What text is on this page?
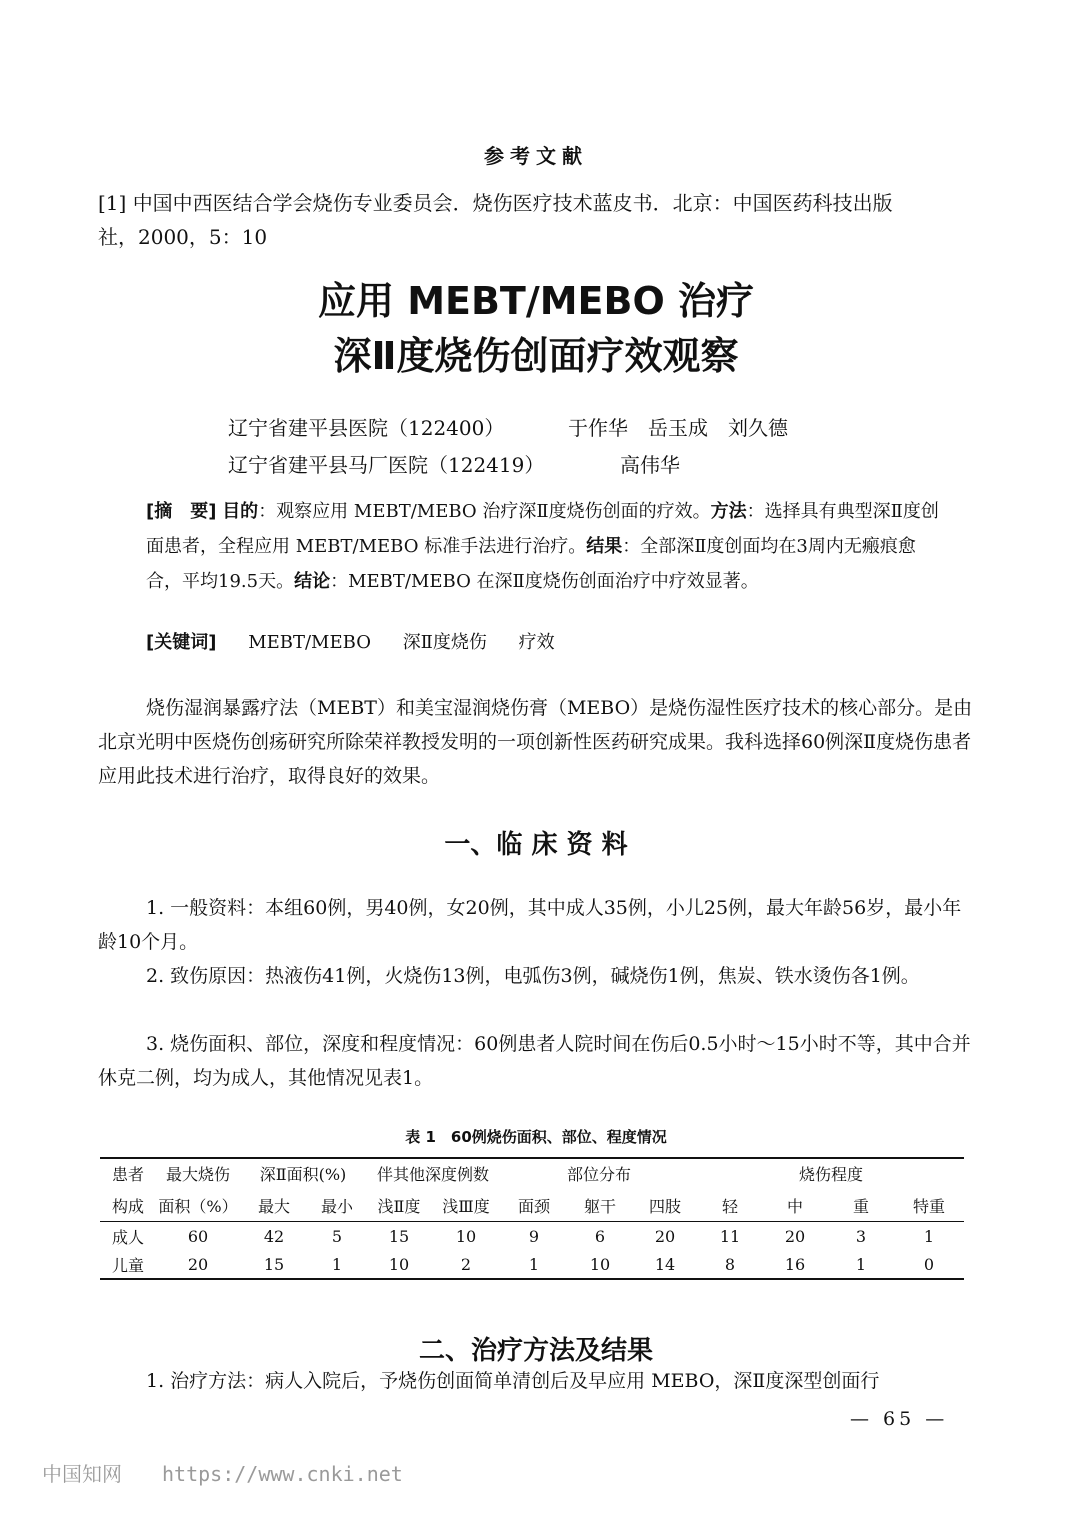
参考文献
[1] 中国中西医结合学会烧伤专业委员会．烧伤医疗技术蓝皮书．北京：中国医药科技出版
社，2000，5：10
应用 MEBT/MEBO 治疗
深Ⅱ度烧伤创面疗效观察
辽宁省建平县医院（122400）	于作华　岳玉成　刘久德
辽宁省建平县马厂医院（122419）	高伟华
[摘　要] 目的：观察应用 MEBT/MEBO 治疗深Ⅱ度烧伤创面的疗效。方法：选择具有典型深Ⅱ度创面患者，全程应用 MEBT/MEBO 标准手法进行治疗。结果：全部深Ⅱ度创面均在3周内无瘢痕愈合，平均19.5天。结论：MEBT/MEBO 在深Ⅱ度烧伤创面治疗中疗效显著。
[关键词] MEBT/MEBO 深Ⅱ度烧伤 疗效
烧伤湿润暴露疗法（MEBT）和美宝湿润烧伤膏（MEBO）是烧伤湿性医疗技术的核心部分。是由北京光明中医烧伤创疡研究所除荣祥教授发明的一项创新性医药研究成果。我科选择60例深Ⅱ度烧伤患者应用此技术进行治疗，取得良好的效果。
一、临 床 资 料
1. 一般资料：本组60例，男40例，女20例，其中成人35例，小儿25例，最大年龄56岁，最小年龄10个月。
2. 致伤原因：热液伤41例，火烧伤13例，电弧伤3例，碱烧伤1例，焦炭、铁水烫伤各1例。
3. 烧伤面积、部位，深度和程度情况：60例患者人院时间在伤后0.5小时～15小时不等，其中合并休克二例，均为成人，其他情况见表1。
表 1　60例烧伤面积、部位、程度情况
患者	最大烧伤	深Ⅱ面积(%)		伴其他深度例数		部位分布			烧伤程度			
构成	面积（%）	最大	最小	浅Ⅱ度	浅Ⅲ度	面颈	躯干	四肢	轻	中	重	特重
成人	60	42	5	15	10	9	6	20	11	20	3	1
儿童	20	15	1	10	2	1	10	14	8	16	1	0
二、治疗方法及结果
1. 治疗方法：病人入院后，予烧伤创面简单清创后及早应用 MEBO，深Ⅱ度深型创面行
— 65 —
中国知网 https://www.cnki.net
